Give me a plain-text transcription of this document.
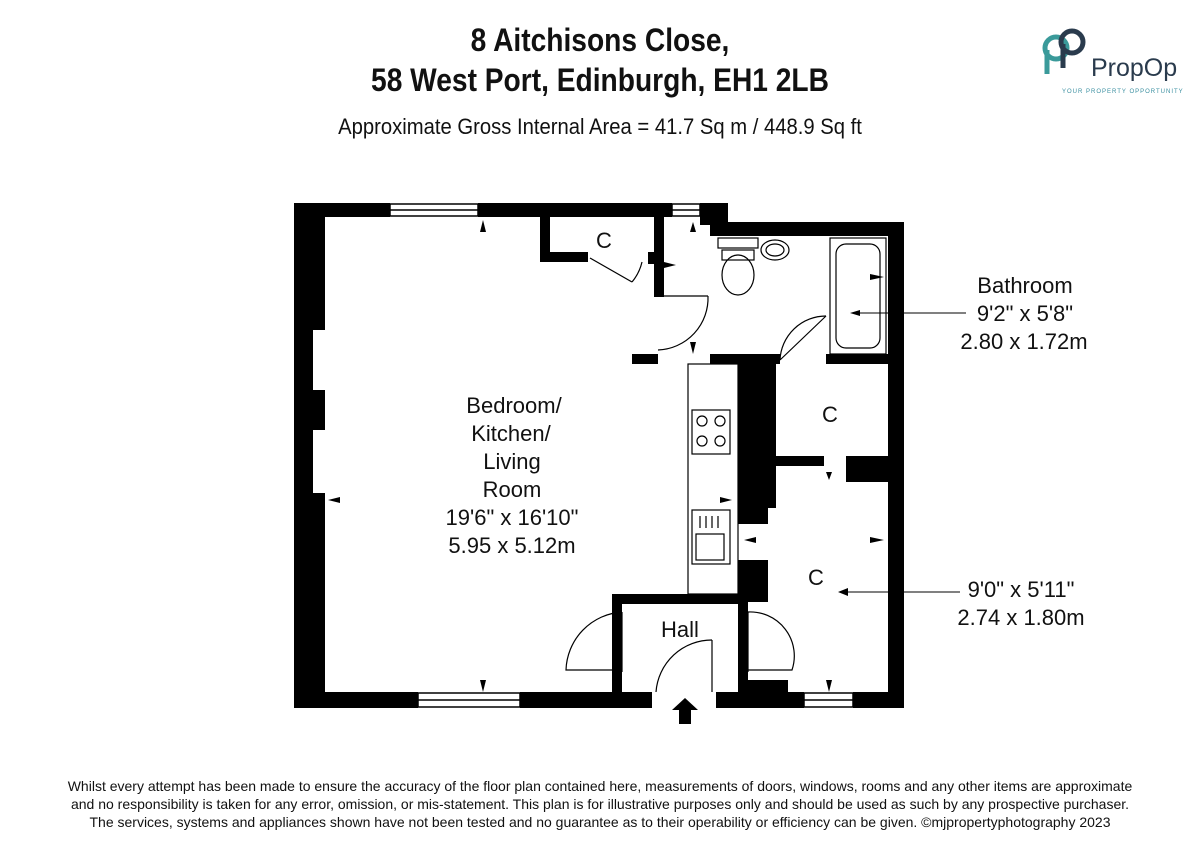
8 Aitchisons Close,
58 West Port, Edinburgh, EH1 2LB
Approximate Gross Internal Area = 41.7 Sq m / 448.9 Sq ft
PropOp
YOUR PROPERTY OPPORTUNITY
Bedroom/
Kitchen/
Living
Room
19'6" x 16'10"
5.95 x 5.12m
Bathroom
9'2" x 5'8"
2.80 x 1.72m
9'0" x 5'11"
2.74 x 1.80m
Hall
C
C
C
Whilst every attempt has been made to ensure the accuracy of the floor plan contained here, measurements of doors, windows, rooms and any other items are approximate
and no responsibility is taken for any error, omission, or mis-statement. This plan is for illustrative purposes only and should be used as such by any prospective purchaser.
The services, systems and appliances shown have not been tested and no guarantee as to their operability or efficiency can be given. ©mjpropertyphotography 2023
